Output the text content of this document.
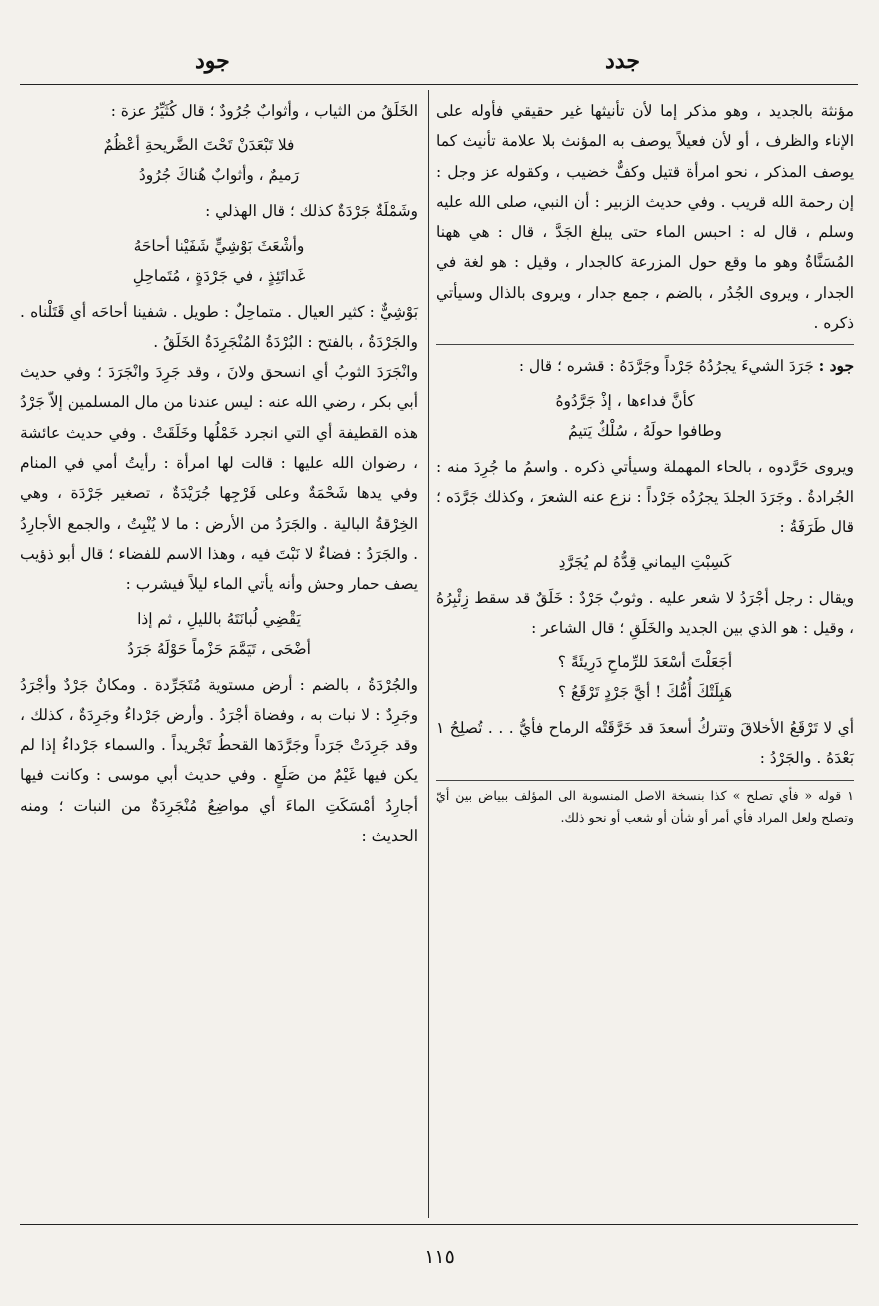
جدد
جود

مؤنثة بالجديد ، وهو مذكر إما لأن تأنيثها غير حقيقي فأوله على الإناء والظرف ، أو لأن فعيلاً يوصف به المؤنث بلا علامة تأنيث كما يوصف المذكر ، نحو امرأة قتيل وكفٌّ خضيب ، وكقوله عز وجل : إن رحمة الله قريب . وفي حديث الزبير : أن النبي، صلى الله عليه وسلم ، قال له : احبس الماء حتى يبلغ الجَدَّ ، قال : هي ههنا المُسَنَّاةُ وهو ما وقع حول المزرعة كالجدار ، وقيل : هو لغة في الجدار ، ويروى الجُدُر ، بالضم ، جمع جدار ، ويروى بالذال وسيأتي ذكره .

جود : جَرَدَ الشيءَ يجرُدُهُ جَرْداً وجَرَّدَهُ : قشره ؛ قال :

كأنَّ فداءها ، إذْ جَرَّدُوهُ
وطافوا حولَهُ ، سُلْكٌ يَتيمُ

ويروى حَرَّدوه ، بالحاء المهملة وسيأتي ذكره . واسمُ ما جُرِدَ منه : الجُرادةُ . وجَرَدَ الجلدَ يجرُدُه جَرْداً : نزع عنه الشعرَ ، وكذلك جَرَّدَه ؛ قال طَرَفَةُ :

كَسِبْتِ اليماني قِدُّهُ لم يُجَرَّدِ

ويقال : رجل أجْرَدُ لا شعر عليه . وثوبٌ جَرْدٌ : خَلَقٌ قد سقط زِئْبِرُهُ ، وقيل : هو الذي بين الجديد والخَلَقِ ؛ قال الشاعر :

أجَعَلْتَ أسْعَدَ للرِّماحِ دَرِيئَةً ؟
هَبِلَتْكَ أُمُّكَ ! أيَّ جَرْدٍ تَرْقَعُ ؟

أي لا تَرْقَعُ الأخلاقَ وتتركُ أسعدَ قد خَرَّقَتْه الرماح فأيُّ . . . تُصلِحُ ١ بَعْدَهُ . والجَرْدُ :

١ قوله « فأي تصلح » كذا بنسخة الاصل المنسوبة الى المؤلف ببياض بين أيّ وتصلح ولعل المراد فأي أمر أو شأن أو شعب أو نحو ذلك.

الخَلَقُ من الثياب ، وأثوابٌ جُرُودٌ ؛ قال كُثَيِّرُ عزة :

فلا تَبْعَدَنْ تَحْتَ الضَّريحةِ أعْظُمٌ
رَميمٌ ، وأثوابٌ هُناكَ جُرُودُ

وشَمْلَةٌ جَرْدَةٌ كذلك ؛ قال الهذلي :

وأشْعَثَ بَوْشِيٍّ شَفَيْنا أحاحَهُ
غَداتَئِذٍ ، في جَرْدَةٍ ، مُتَماحِلِ

بَوْشِيٌّ : كثير العيال . متماحِلٌ : طويل . شفينا أحاحَه أي قَتَلْناه . والجَرْدَةُ ، بالفتح : البُرْدَةُ المُنْجَرِدَةُ الخَلَقُ .

وانْجَرَدَ الثوبُ أي انسحق ولانَ ، وقد جَرِدَ وانْجَرَدَ ؛ وفي حديث أبي بكر ، رضي الله عنه : ليس عندنا من مال المسلمين إلاّ جَرْدُ هذه القطيفة أي التي انجرد خَمْلُها وخَلَقَتْ . وفي حديث عائشة ، رضوان الله عليها : قالت لها امرأة : رأيتُ أمي في المنام وفي يدها شَحْمَةٌ وعلى فَرْجِها جُرَيْدَةٌ ، تصغير جَرْدَة ، وهي الخِرْقةُ البالية . والجَرَدُ من الأرض : ما لا يُنْبِتُ ، والجمع الأجارِدُ . والجَرَدُ : فضاءٌ لا نَبْتَ فيه ، وهذا الاسم للفضاء ؛ قال أبو ذؤيب يصف حمار وحش وأنه يأتي الماء ليلاً فيشرب :

يَقْضِي لُبانَتَهُ بالليلِ ، ثم إذا
أضْحَى ، تَيَمَّمَ حَزْماً حَوْلَهُ جَرَدُ

والجُرْدَةُ ، بالضم : أرض مستوية مُتَجَرِّدة . ومكانٌ جَرْدٌ وأجْرَدُ وجَرِدٌ : لا نبات به ، وفضاة أجْرَدُ . وأرض جَرْداءُ وجَرِدَةٌ ، كذلك ، وقد جَرِدَتْ جَرَداً وجَرَّدَها القحطُ تَجْريداً . والسماء جَرْداءُ إذا لم يكن فيها غَيْمٌ من صَلَعٍ . وفي حديث أبي موسى : وكانت فيها أجارِدُ أمْسَكَتِ الماءَ أي مواضِعُ مُنْجَرِدَةٌ من النبات ؛ ومنه الحديث :

١١٥
